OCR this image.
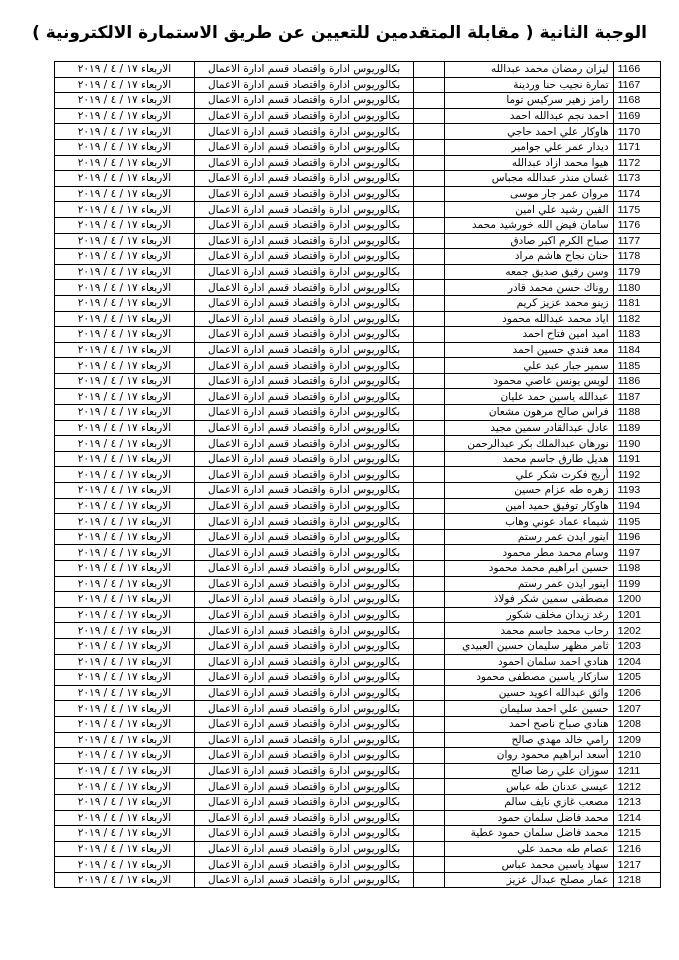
الوجبة الثانية ( مقابلة المتقدمين للتعيين عن طريق الاستمارة الالكترونية )
1166	ليزان رمضان محمد عبدالله		بكالوريوس ادارة واقتصاد قسم ادارة الاعمال	الاربعاء ١٧ / ٤ / ٢٠١٩
1167	تمارة نجيب حنا وردينة		بكالوريوس ادارة واقتصاد قسم ادارة الاعمال	الاربعاء ١٧ / ٤ / ٢٠١٩
1168	رامز زهير سركيس توما		بكالوريوس ادارة واقتصاد قسم ادارة الاعمال	الاربعاء ١٧ / ٤ / ٢٠١٩
1169	احمد نجم عبدالله احمد		بكالوريوس ادارة واقتصاد قسم ادارة الاعمال	الاربعاء ١٧ / ٤ / ٢٠١٩
1170	هاوكار علي احمد حاجي		بكالوريوس ادارة واقتصاد قسم ادارة الاعمال	الاربعاء ١٧ / ٤ / ٢٠١٩
1171	ديدار عمر علي جوامير		بكالوريوس ادارة واقتصاد قسم ادارة الاعمال	الاربعاء ١٧ / ٤ / ٢٠١٩
1172	هيوا محمد ازاد عبدالله		بكالوريوس ادارة واقتصاد قسم ادارة الاعمال	الاربعاء ١٧ / ٤ / ٢٠١٩
1173	غسان منذر عبدالله مجباس		بكالوريوس ادارة واقتصاد قسم ادارة الاعمال	الاربعاء ١٧ / ٤ / ٢٠١٩
1174	مروان عمر جار موسى		بكالوريوس ادارة واقتصاد قسم ادارة الاعمال	الاربعاء ١٧ / ٤ / ٢٠١٩
1175	الفين رشيد علي امين		بكالوريوس ادارة واقتصاد قسم ادارة الاعمال	الاربعاء ١٧ / ٤ / ٢٠١٩
1176	سامان فيض الله خورشيد محمد		بكالوريوس ادارة واقتصاد قسم ادارة الاعمال	الاربعاء ١٧ / ٤ / ٢٠١٩
1177	صباح الكرم اكبر صادق		بكالوريوس ادارة واقتصاد قسم ادارة الاعمال	الاربعاء ١٧ / ٤ / ٢٠١٩
1178	حنان نجاح هاشم مراد		بكالوريوس ادارة واقتصاد قسم ادارة الاعمال	الاربعاء ١٧ / ٤ / ٢٠١٩
1179	وسن رفيق صديق جمعه		بكالوريوس ادارة واقتصاد قسم ادارة الاعمال	الاربعاء ١٧ / ٤ / ٢٠١٩
1180	روناك حسن محمد قادر		بكالوريوس ادارة واقتصاد قسم ادارة الاعمال	الاربعاء ١٧ / ٤ / ٢٠١٩
1181	زينو محمد عزيز كريم		بكالوريوس ادارة واقتصاد قسم ادارة الاعمال	الاربعاء ١٧ / ٤ / ٢٠١٩
1182	اياد محمد عبدالله محمود		بكالوريوس ادارة واقتصاد قسم ادارة الاعمال	الاربعاء ١٧ / ٤ / ٢٠١٩
1183	اميد امين فتاح احمد		بكالوريوس ادارة واقتصاد قسم ادارة الاعمال	الاربعاء ١٧ / ٤ / ٢٠١٩
1184	معد فندي حسين احمد		بكالوريوس ادارة واقتصاد قسم ادارة الاعمال	الاربعاء ١٧ / ٤ / ٢٠١٩
1185	سمير جبار عبد علي		بكالوريوس ادارة واقتصاد قسم ادارة الاعمال	الاربعاء ١٧ / ٤ / ٢٠١٩
1186	لويس يونس عاصي محمود		بكالوريوس ادارة واقتصاد قسم ادارة الاعمال	الاربعاء ١٧ / ٤ / ٢٠١٩
1187	عبدالله ياسين حمد عليان		بكالوريوس ادارة واقتصاد قسم ادارة الاعمال	الاربعاء ١٧ / ٤ / ٢٠١٩
1188	فراس صالح مرهون مشعان		بكالوريوس ادارة واقتصاد قسم ادارة الاعمال	الاربعاء ١٧ / ٤ / ٢٠١٩
1189	عادل عبدالقادر سمين مجيد		بكالوريوس ادارة واقتصاد قسم ادارة الاعمال	الاربعاء ١٧ / ٤ / ٢٠١٩
1190	نورهان عبدالملك بكر عبدالرحمن		بكالوريوس ادارة واقتصاد قسم ادارة الاعمال	الاربعاء ١٧ / ٤ / ٢٠١٩
1191	هديل طارق جاسم محمد		بكالوريوس ادارة واقتصاد قسم ادارة الاعمال	الاربعاء ١٧ / ٤ / ٢٠١٩
1192	أريج فكرت شكر علي		بكالوريوس ادارة واقتصاد قسم ادارة الاعمال	الاربعاء ١٧ / ٤ / ٢٠١٩
1193	زهره طه عزام حسين		بكالوريوس ادارة واقتصاد قسم ادارة الاعمال	الاربعاء ١٧ / ٤ / ٢٠١٩
1194	هاوكار توفيق حميد امين		بكالوريوس ادارة واقتصاد قسم ادارة الاعمال	الاربعاء ١٧ / ٤ / ٢٠١٩
1195	شيماء عماد عوني وهاب		بكالوريوس ادارة واقتصاد قسم ادارة الاعمال	الاربعاء ١٧ / ٤ / ٢٠١٩
1196	اينور ايدن عمر رستم		بكالوريوس ادارة واقتصاد قسم ادارة الاعمال	الاربعاء ١٧ / ٤ / ٢٠١٩
1197	وسام محمد مطر محمود		بكالوريوس ادارة واقتصاد قسم ادارة الاعمال	الاربعاء ١٧ / ٤ / ٢٠١٩
1198	حسين ابراهيم محمد محمود		بكالوريوس ادارة واقتصاد قسم ادارة الاعمال	الاربعاء ١٧ / ٤ / ٢٠١٩
1199	اينور ايدن عمر رستم		بكالوريوس ادارة واقتصاد قسم ادارة الاعمال	الاربعاء ١٧ / ٤ / ٢٠١٩
1200	مصطفى سمين شكر فولاذ		بكالوريوس ادارة واقتصاد قسم ادارة الاعمال	الاربعاء ١٧ / ٤ / ٢٠١٩
1201	رغد زيدان مخلف شكور		بكالوريوس ادارة واقتصاد قسم ادارة الاعمال	الاربعاء ١٧ / ٤ / ٢٠١٩
1202	رحاب محمد جاسم محمد		بكالوريوس ادارة واقتصاد قسم ادارة الاعمال	الاربعاء ١٧ / ٤ / ٢٠١٩
1203	ثامر مظهر سليمان حسين العبيدي		بكالوريوس ادارة واقتصاد قسم ادارة الاعمال	الاربعاء ١٧ / ٤ / ٢٠١٩
1204	هنادي احمد سلمان احمود		بكالوريوس ادارة واقتصاد قسم ادارة الاعمال	الاربعاء ١٧ / ٤ / ٢٠١٩
1205	سازكار ياسين مصطفى محمود		بكالوريوس ادارة واقتصاد قسم ادارة الاعمال	الاربعاء ١٧ / ٤ / ٢٠١٩
1206	وائق عبدالله اعويد حسين		بكالوريوس ادارة واقتصاد قسم ادارة الاعمال	الاربعاء ١٧ / ٤ / ٢٠١٩
1207	حسين علي احمد سليمان		بكالوريوس ادارة واقتصاد قسم ادارة الاعمال	الاربعاء ١٧ / ٤ / ٢٠١٩
1208	هنادي صباح ناصح احمد		بكالوريوس ادارة واقتصاد قسم ادارة الاعمال	الاربعاء ١٧ / ٤ / ٢٠١٩
1209	رامي خالد مهدي صالح		بكالوريوس ادارة واقتصاد قسم ادارة الاعمال	الاربعاء ١٧ / ٤ / ٢٠١٩
1210	أسعد ابراهيم محمود روان		بكالوريوس ادارة واقتصاد قسم ادارة الاعمال	الاربعاء ١٧ / ٤ / ٢٠١٩
1211	سوزان علي رضا صالح		بكالوريوس ادارة واقتصاد قسم ادارة الاعمال	الاربعاء ١٧ / ٤ / ٢٠١٩
1212	عيسى عدنان طه عباس		بكالوريوس ادارة واقتصاد قسم ادارة الاعمال	الاربعاء ١٧ / ٤ / ٢٠١٩
1213	مصعب غازي نايف سالم		بكالوريوس ادارة واقتصاد قسم ادارة الاعمال	الاربعاء ١٧ / ٤ / ٢٠١٩
1214	محمد فاضل سلمان حمود		بكالوريوس ادارة واقتصاد قسم ادارة الاعمال	الاربعاء ١٧ / ٤ / ٢٠١٩
1215	محمد فاضل سلمان حمود عطية		بكالوريوس ادارة واقتصاد قسم ادارة الاعمال	الاربعاء ١٧ / ٤ / ٢٠١٩
1216	عصام طه محمد علي		بكالوريوس ادارة واقتصاد قسم ادارة الاعمال	الاربعاء ١٧ / ٤ / ٢٠١٩
1217	سهاد ياسين محمد عباس		بكالوريوس ادارة واقتصاد قسم ادارة الاعمال	الاربعاء ١٧ / ٤ / ٢٠١٩
1218	عمار مصلح عبدال عزيز		بكالوريوس ادارة واقتصاد قسم ادارة الاعمال	الاربعاء ١٧ / ٤ / ٢٠١٩
